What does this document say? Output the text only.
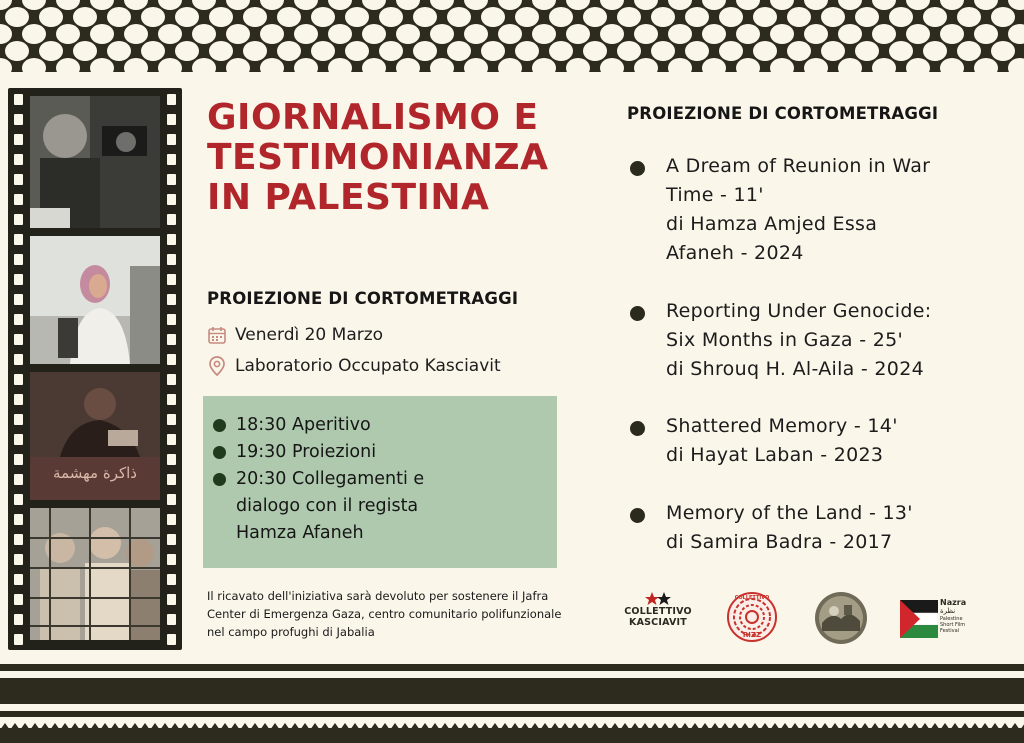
ذاكرة مهشمة
GIORNALISMO E TESTIMONIANZA IN PALESTINA
PROIEZIONE DI CORTOMETRAGGI
Venerdì 20 Marzo
Laboratorio Occupato Kasciavit
18:30 Aperitivo
19:30 Proiezioni
20:30 Collegamenti e dialogo con il regista Hamza Afaneh
Il ricavato dell'iniziativa sarà devoluto per sostenere il Jafra Center di Emergenza Gaza, centro comunitario polifunzionale nel campo profughi di Jabalia
PROIEZIONE DI CORTOMETRAGGI
A Dream of Reunion in War Time - 11'
di Hamza Amjed Essa Afaneh - 2024
Reporting Under Genocide: Six Months in Gaza - 25'
di Shrouq H. Al-Aila - 2024
Shattered Memory - 14'
di Hayat Laban - 2023
Memory of the Land - 13'
di Samira Badra - 2017
COLLETTIVO
KASCIAVIT
COLLETTIVO
RIZZ
Nazra
نظرة
Palestine
Short Film
Festival
